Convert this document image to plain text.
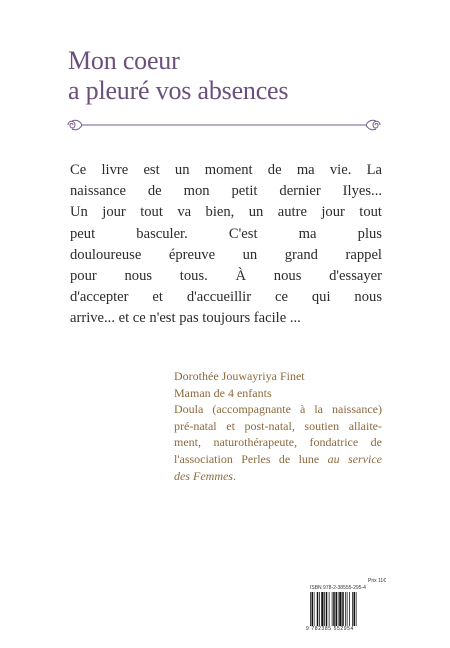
Mon coeur
a pleuré vos absences
Ce livre est un moment de ma vie. La
naissance de mon petit dernier Ilyes...
Un jour tout va bien, un autre jour tout
peut basculer. C'est ma plus
douloureuse épreuve un grand rappel
pour nous tous. À nous d'essayer
d'accepter et d'accueillir ce qui nous
arrive... et ce n'est pas toujours facile ...
Dorothée Jouwayriya Finet
Maman de 4 enfants
Doula (accompagnante à la naissance)
pré-natal et post-natal, soutien allaite-
ment, naturothérapeute, fondatrice de
l'association Perles de lune au service
des Femmes.
Prix 11€
ISBN 978-2-38555-295-4
9 782385 552954
